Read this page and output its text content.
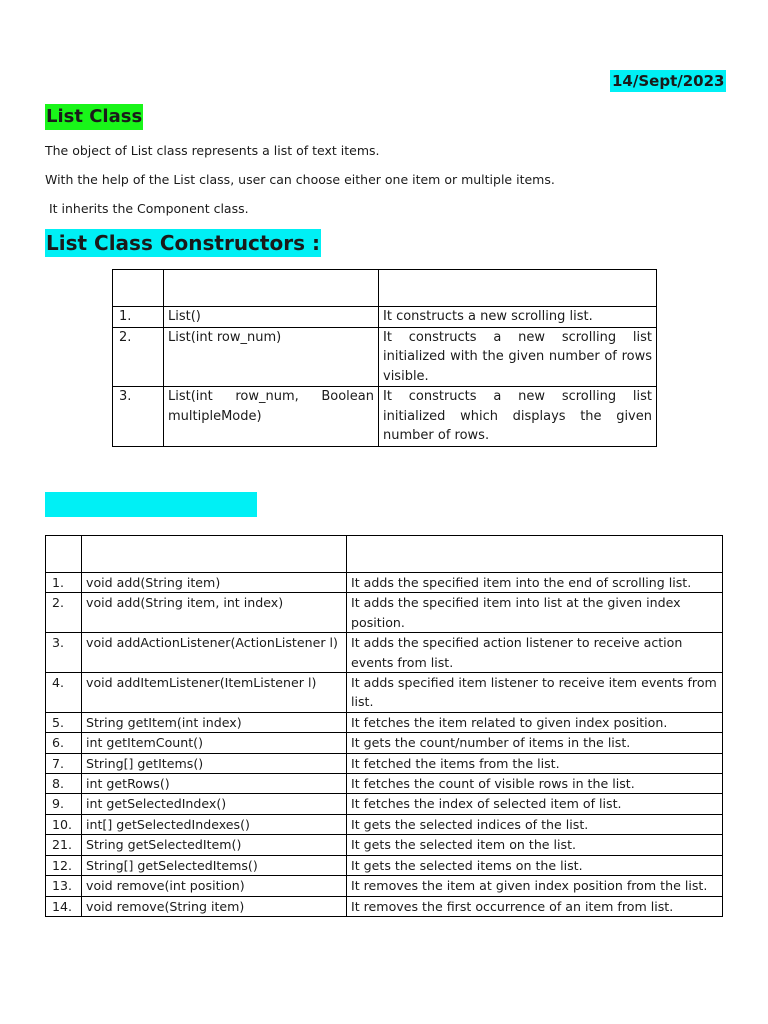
14/Sept/2023
List Class
The object of List class represents a list of text items.
With the help of the List class, user can choose either one item or multiple items.
It inherits the Component class.
List Class Constructors :

1.	List()	It constructs a new scrolling list.
2.	List(int row_num)	It constructs a new scrolling list initialized with the given number of rows visible.
3.	List(int row_num, Boolean multipleMode)	It constructs a new scrolling list initialized which displays the given number of rows.

1.	void add(String item)	It adds the specified item into the end of scrolling list.
2.	void add(String item, int index)	It adds the specified item into list at the given index position.
3.	void addActionListener(ActionListener l)	It adds the specified action listener to receive action events from list.
4.	void addItemListener(ItemListener l)	It adds specified item listener to receive item events from list.
5.	String getItem(int index)	It fetches the item related to given index position.
6.	int getItemCount()	It gets the count/number of items in the list.
7.	String[] getItems()	It fetched the items from the list.
8.	int getRows()	It fetches the count of visible rows in the list.
9.	int getSelectedIndex()	It fetches the index of selected item of list.
10.	int[] getSelectedIndexes()	It gets the selected indices of the list.
21.	String getSelectedItem()	It gets the selected item on the list.
12.	String[] getSelectedItems()	It gets the selected items on the list.
13.	void remove(int position)	It removes the item at given index position from the list.
14.	void remove(String item)	It removes the first occurrence of an item from list.
